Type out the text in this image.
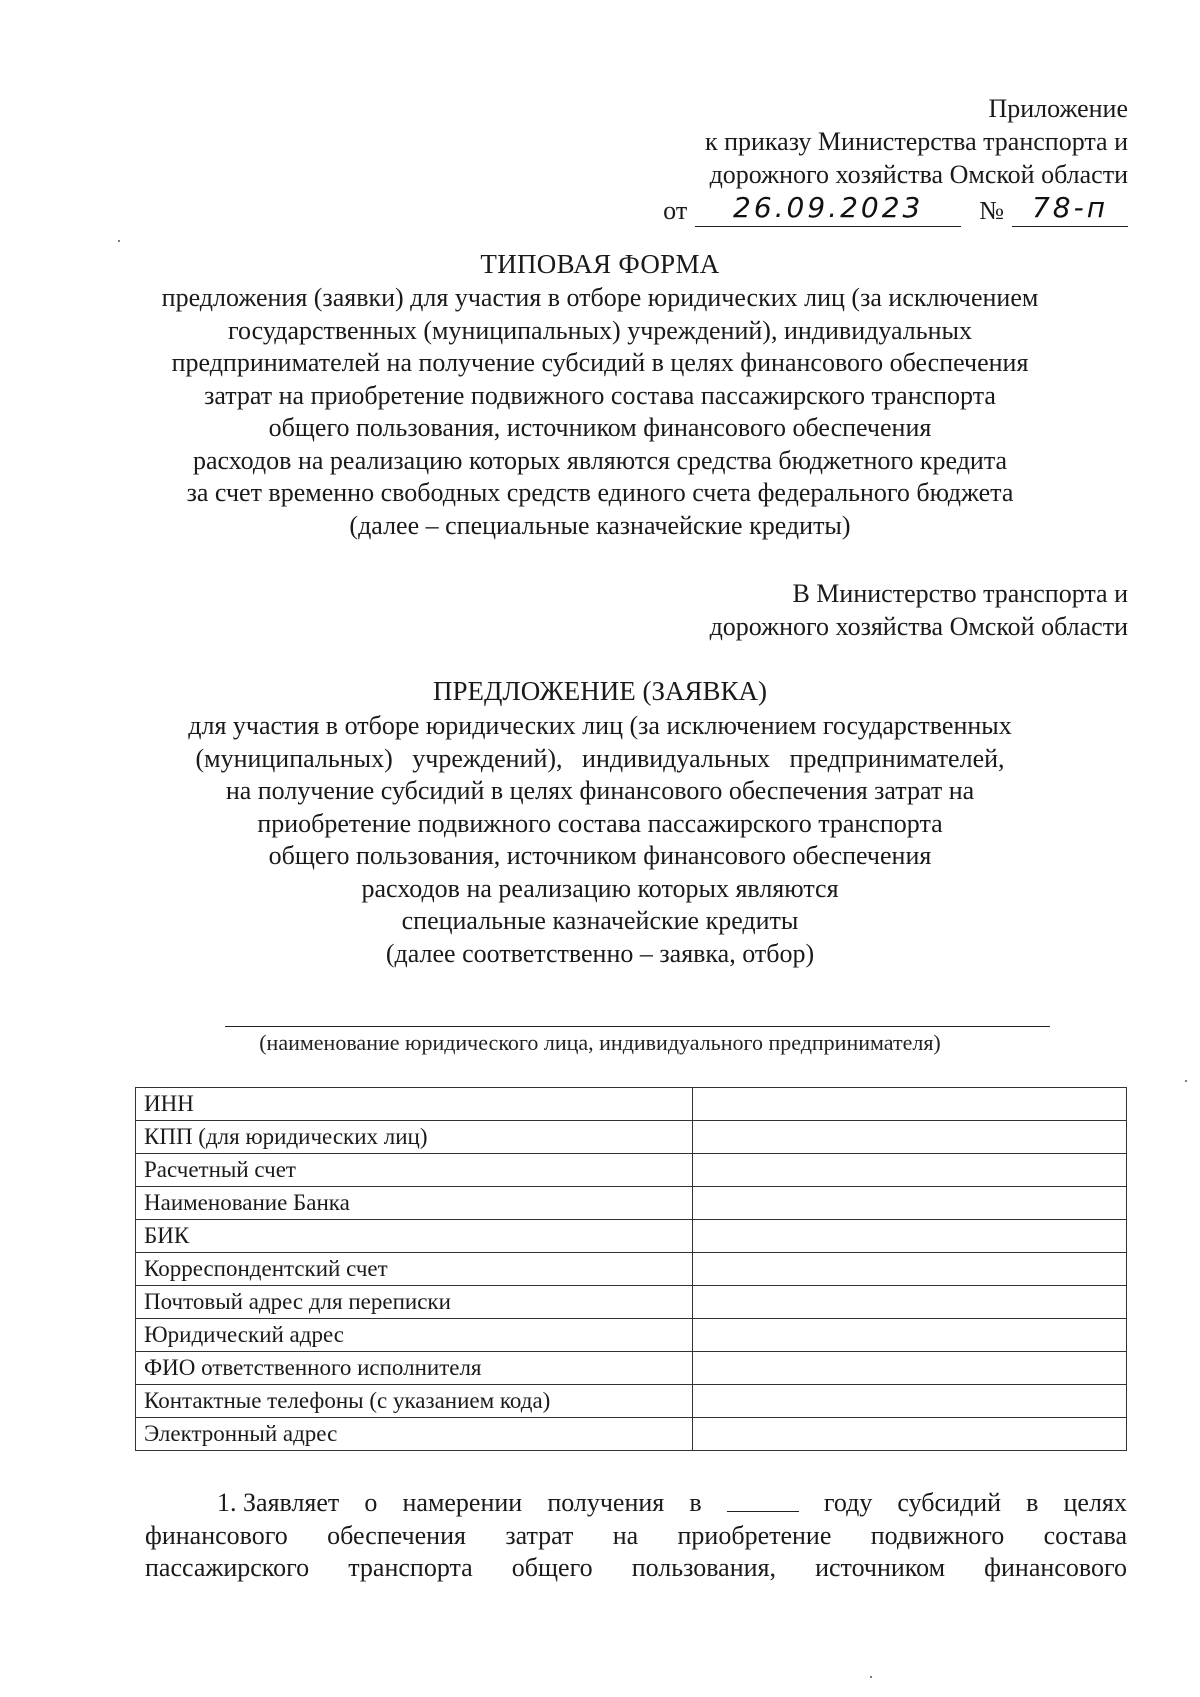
Приложение
к приказу Министерства транспорта и
дорожного хозяйства Омской области
от	26.09.2023	№ 78-п
ТИПОВАЯ ФОРМА
предложения (заявки) для участия в отборе юридических лиц (за исключением
государственных (муниципальных) учреждений), индивидуальных
предпринимателей на получение субсидий в целях финансового обеспечения
затрат на приобретение подвижного состава пассажирского транспорта
общего пользования, источником финансового обеспечения
расходов на реализацию которых являются средства бюджетного кредита
за счет временно свободных средств единого счета федерального бюджета
(далее – специальные казначейские кредиты)
В Министерство транспорта и
дорожного хозяйства Омской области
ПРЕДЛОЖЕНИЕ (ЗАЯВКА)
для участия в отборе юридических лиц (за исключением государственных
(муниципальных)   учреждений),   индивидуальных   предпринимателей,
на получение субсидий в целях финансового обеспечения затрат на
приобретение подвижного состава пассажирского транспорта
общего пользования, источником финансового обеспечения
расходов на реализацию которых являются
специальные казначейские кредиты
(далее соответственно – заявка, отбор)
(наименование юридического лица, индивидуального предпринимателя)
ИНН	
КПП (для юридических лиц)	
Расчетный счет	
Наименование Банка	
БИК	
Корреспондентский счет	
Почтовый адрес для переписки	
Юридический адрес	
ФИО ответственного исполнителя	
Контактные телефоны (с указанием кода)	
Электронный адрес	
1. Заявляет о намерении получения в	году субсидий в целях
финансового обеспечения затрат на приобретение подвижного состава
пассажирского транспорта общего пользования, источником финансового
